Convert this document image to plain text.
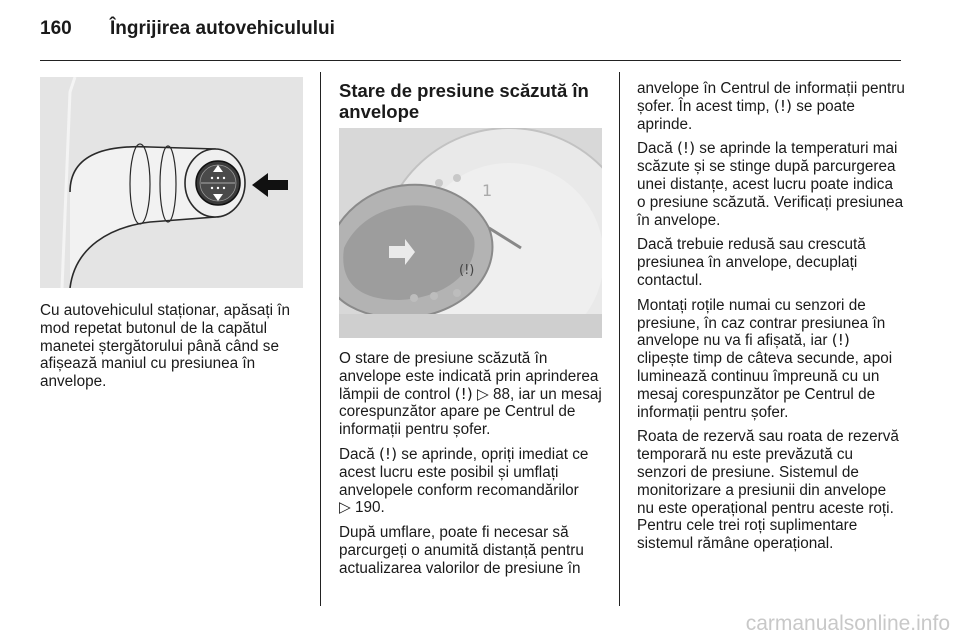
160 Îngrijirea autovehiculului

Cu autovehiculul staționar, apăsați în mod repetat butonul de la capătul manetei ștergătorului până când se afișează maniul cu presiunea în anvelope.

Stare de presiune scăzută în anvelope
1
(!)

O stare de presiune scăzută în anvelope este indicată prin aprinderea lămpii de control (!) ▷ 88, iar un mesaj corespunzător apare pe Centrul de informații pentru șofer.

Dacă (!) se aprinde, opriți imediat ce acest lucru este posibil și umflați anvelopele conform recomandărilor
▷ 190.

După umflare, poate fi necesar să parcurgeți o anumită distanță pentru actualizarea valorilor de presiune în

anvelope în Centrul de informații pentru șofer. În acest timp, (!) se poate aprinde.

Dacă (!) se aprinde la temperaturi mai scăzute și se stinge după parcurgerea unei distanțe, acest lucru poate indica o presiune scăzută. Verificați presiunea în anvelope.

Dacă trebuie redusă sau crescută presiunea în anvelope, decuplați contactul.

Montați roțile numai cu senzori de presiune, în caz contrar presiunea în anvelope nu va fi afișată, iar (!) clipește timp de câteva secunde, apoi luminează continuu împreună cu un mesaj corespunzător pe Centrul de informații pentru șofer.

Roata de rezervă sau roata de rezervă temporară nu este prevăzută cu senzori de presiune. Sistemul de monitorizare a presiunii din anvelope nu este operațional pentru aceste roți. Pentru cele trei roți suplimentare sistemul rămâne operațional.

carmanualsonline.info
